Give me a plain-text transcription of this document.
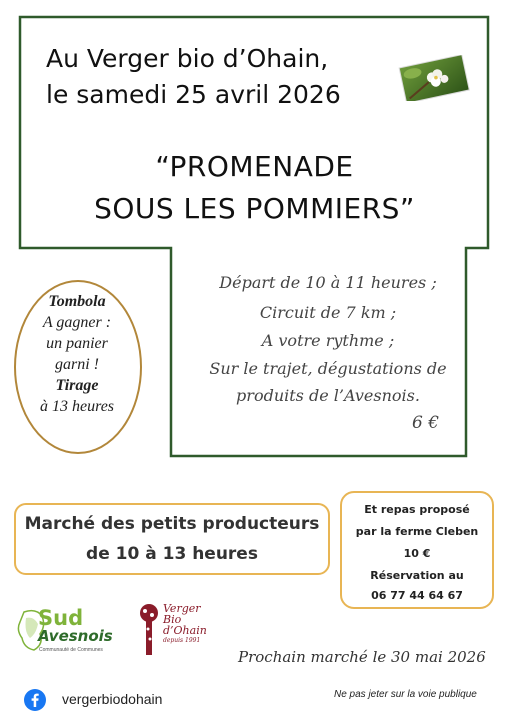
Au Verger bio d’Ohain,
le samedi 25 avril 2026
“PROMENADE
SOUS LES POMMIERS”
Départ de 10 à 11 heures ;
Circuit de 7 km ;
A votre rythme ;
Sur le trajet, dégustations de
produits de l’Avesnois.
6 €
Tombola
A gagner :
un panier
garni !
Tirage
à 13 heures
Marché des petits producteurs
de 10 à 13 heures
Et repas proposé
par la ferme Cleben
10 €
Réservation au
06 77 44 64 67
Sud
Avesnois
Communauté de Communes
Verger
Bio
d’Ohain
depuis 1991
Prochain marché le 30 mai 2026
vergerbiodohain	Ne pas jeter sur la voie publique
